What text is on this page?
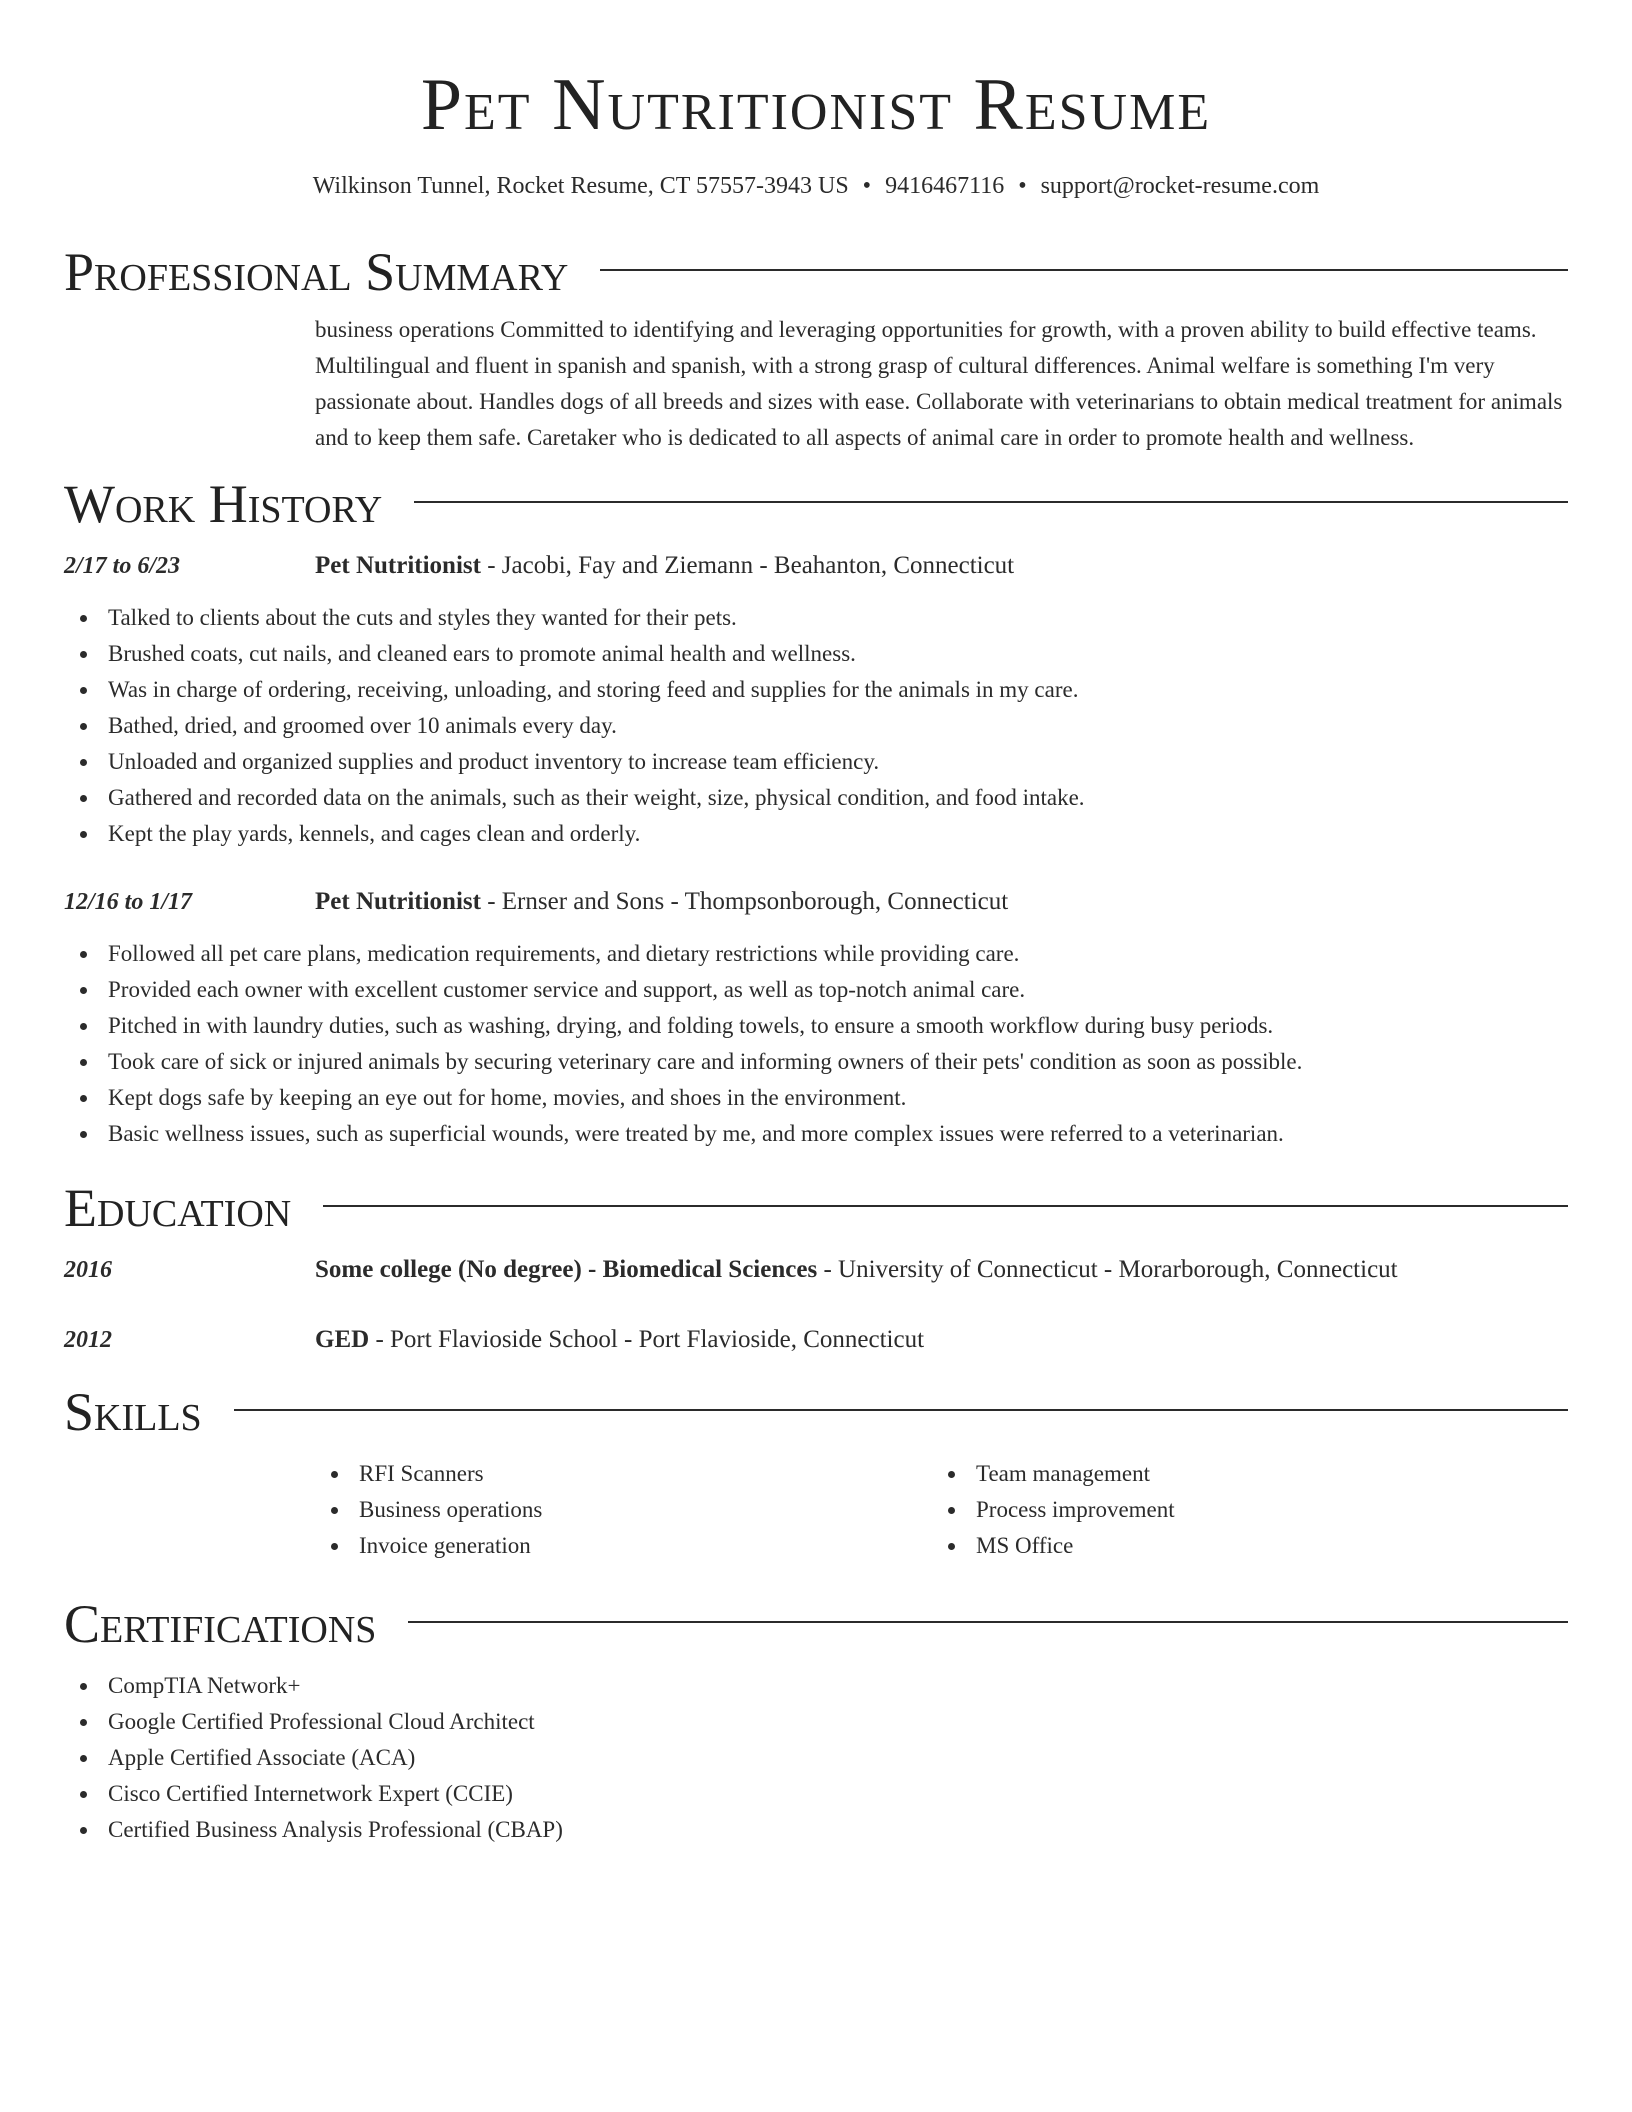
Pet Nutritionist Resume
Wilkinson Tunnel, Rocket Resume, CT 57557-3943 US • 9416467116 • support@rocket-resume.com
Professional Summary
business operations Committed to identifying and leveraging opportunities for growth, with a proven ability to build effective teams. Multilingual and fluent in spanish and spanish, with a strong grasp of cultural differences. Animal welfare is something I'm very passionate about. Handles dogs of all breeds and sizes with ease. Collaborate with veterinarians to obtain medical treatment for animals and to keep them safe. Caretaker who is dedicated to all aspects of animal care in order to promote health and wellness.
Work History
2/17 to 6/23	Pet Nutritionist - Jacobi, Fay and Ziemann - Beahanton, Connecticut
Talked to clients about the cuts and styles they wanted for their pets.
Brushed coats, cut nails, and cleaned ears to promote animal health and wellness.
Was in charge of ordering, receiving, unloading, and storing feed and supplies for the animals in my care.
Bathed, dried, and groomed over 10 animals every day.
Unloaded and organized supplies and product inventory to increase team efficiency.
Gathered and recorded data on the animals, such as their weight, size, physical condition, and food intake.
Kept the play yards, kennels, and cages clean and orderly.
12/16 to 1/17	Pet Nutritionist - Ernser and Sons - Thompsonborough, Connecticut
Followed all pet care plans, medication requirements, and dietary restrictions while providing care.
Provided each owner with excellent customer service and support, as well as top-notch animal care.
Pitched in with laundry duties, such as washing, drying, and folding towels, to ensure a smooth workflow during busy periods.
Took care of sick or injured animals by securing veterinary care and informing owners of their pets' condition as soon as possible.
Kept dogs safe by keeping an eye out for home, movies, and shoes in the environment.
Basic wellness issues, such as superficial wounds, were treated by me, and more complex issues were referred to a veterinarian.
Education
2016	Some college (No degree) - Biomedical Sciences - University of Connecticut - Morarborough, Connecticut
2012	GED - Port Flavioside School - Port Flavioside, Connecticut
Skills
RFI Scanners
Business operations
Invoice generation
Team management
Process improvement
MS Office
Certifications
CompTIA Network+
Google Certified Professional Cloud Architect
Apple Certified Associate (ACA)
Cisco Certified Internetwork Expert (CCIE)
Certified Business Analysis Professional (CBAP)
